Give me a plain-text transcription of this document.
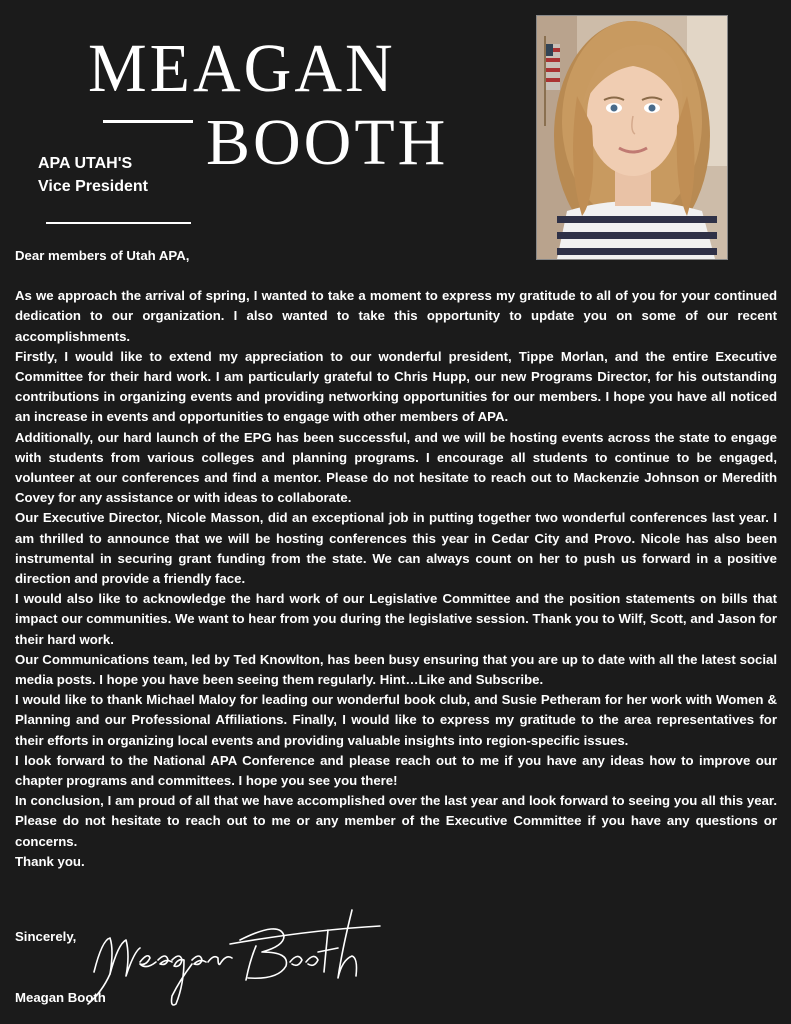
MEAGAN
BOOTH
APA UTAH'S
Vice President

Dear members of Utah APA,

As we approach the arrival of spring, I wanted to take a moment to express my gratitude to all of you for your continued dedication to our organization. I also wanted to take this opportunity to update you on some of our recent accomplishments.

Firstly, I would like to extend my appreciation to our wonderful president, Tippe Morlan, and the entire Executive Committee for their hard work. I am particularly grateful to Chris Hupp, our new Programs Director, for his outstanding contributions in organizing events and providing networking opportunities for our members. I hope you have all noticed an increase in events and opportunities to engage with other members of APA.

Additionally, our hard launch of the EPG has been successful, and we will be hosting events across the state to engage with students from various colleges and planning programs. I encourage all students to continue to be engaged, volunteer at our conferences and find a mentor. Please do not hesitate to reach out to Mackenzie Johnson or Meredith Covey for any assistance or with ideas to collaborate.

Our Executive Director, Nicole Masson, did an exceptional job in putting together two wonderful conferences last year. I am thrilled to announce that we will be hosting conferences this year in Cedar City and Provo. Nicole has also been instrumental in securing grant funding from the state. We can always count on her to push us forward in a positive direction and provide a friendly face.

I would also like to acknowledge the hard work of our Legislative Committee and the position statements on bills that impact our communities. We want to hear from you during the legislative session. Thank you to Wilf, Scott, and Jason for their hard work.

Our Communications team, led by Ted Knowlton, has been busy ensuring that you are up to date with all the latest social media posts. I hope you have been seeing them regularly. Hint…Like and Subscribe.

I would like to thank Michael Maloy for leading our wonderful book club, and Susie Petheram for her work with Women & Planning and our Professional Affiliations. Finally, I would like to express my gratitude to the area representatives for their efforts in organizing local events and providing valuable insights into region-specific issues.

I look forward to the National APA Conference and please reach out to me if you have any ideas how to improve our chapter programs and committees. I hope you see you there!

In conclusion, I am proud of all that we have accomplished over the last year and look forward to seeing you all this year. Please do not hesitate to reach out to me or any member of the Executive Committee if you have any questions or concerns.

Thank you.

Sincerely,
Meagan Booth
